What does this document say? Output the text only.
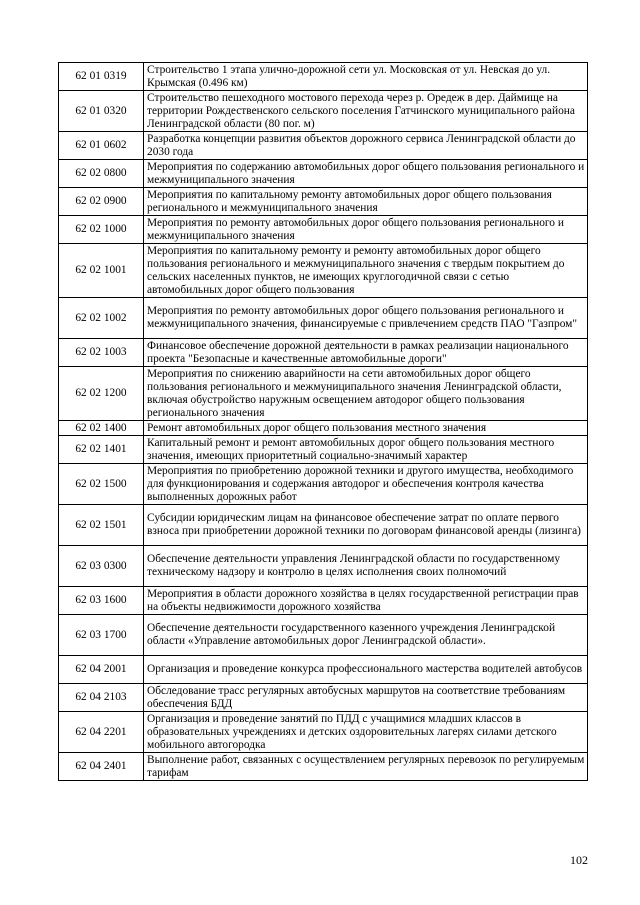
62 01 0319	Строительство 1 этапа улично-дорожной сети ул. Московская от ул. Невская до ул. Крымская (0.496 км)
62 01 0320	Строительство пешеходного мостового перехода через р. Оредеж в дер. Даймище на территории Рождественского сельского поселения Гатчинского муниципального района Ленинградской области (80 пог. м)
62 01 0602	Разработка концепции развития объектов дорожного сервиса Ленинградской области до 2030 года
62 02 0800	Мероприятия по содержанию автомобильных дорог общего пользования регионального и межмуниципального значения
62 02 0900	Мероприятия по капитальному ремонту автомобильных дорог общего пользования регионального и межмуниципального значения
62 02 1000	Мероприятия по ремонту автомобильных дорог общего пользования регионального и межмуниципального значения
62 02 1001	Мероприятия по капитальному ремонту и ремонту автомобильных дорог общего пользования регионального и межмуниципального значения с твердым покрытием до сельских населенных пунктов, не имеющих круглогодичной связи с сетью автомобильных дорог общего пользования
62 02 1002	Мероприятия по ремонту автомобильных дорог общего пользования регионального и межмуниципального значения, финансируемые с привлечением средств ПАО "Газпром"
62 02 1003	Финансовое обеспечение дорожной деятельности в рамках реализации национального проекта "Безопасные и качественные автомобильные дороги"
62 02 1200	Мероприятия по снижению аварийности на сети автомобильных дорог общего пользования регионального и межмуниципального значения Ленинградской области, включая обустройство наружным освещением автодорог общего пользования регионального значения
62 02 1400	Ремонт автомобильных дорог общего пользования местного значения
62 02 1401	Капитальный ремонт и ремонт автомобильных дорог общего пользования местного значения, имеющих приоритетный социально-значимый характер
62 02 1500	Мероприятия по приобретению дорожной техники и другого имущества, необходимого для функционирования и содержания автодорог и обеспечения контроля качества выполненных дорожных работ
62 02 1501	Субсидии юридическим лицам на финансовое обеспечение затрат по оплате первого взноса при приобретении дорожной техники по договорам финансовой аренды (лизинга)
62 03 0300	Обеспечение деятельности управления Ленинградской области по государственному техническому надзору и контролю в целях исполнения своих полномочий
62 03 1600	Мероприятия в области дорожного хозяйства в целях государственной регистрации прав на объекты недвижимости дорожного хозяйства
62 03 1700	Обеспечение деятельности государственного казенного учреждения Ленинградской области «Управление автомобильных дорог Ленинградской области».
62 04 2001	Организация и проведение конкурса профессионального мастерства водителей автобусов
62 04 2103	Обследование трасс регулярных автобусных маршрутов на соответствие требованиям обеспечения БДД
62 04 2201	Организация и проведение занятий по ПДД с учащимися младших классов в образовательных учреждениях и детских оздоровительных лагерях силами детского мобильного автогородка
62 04 2401	Выполнение работ, связанных с осуществлением регулярных перевозок по регулируемым тарифам
102
